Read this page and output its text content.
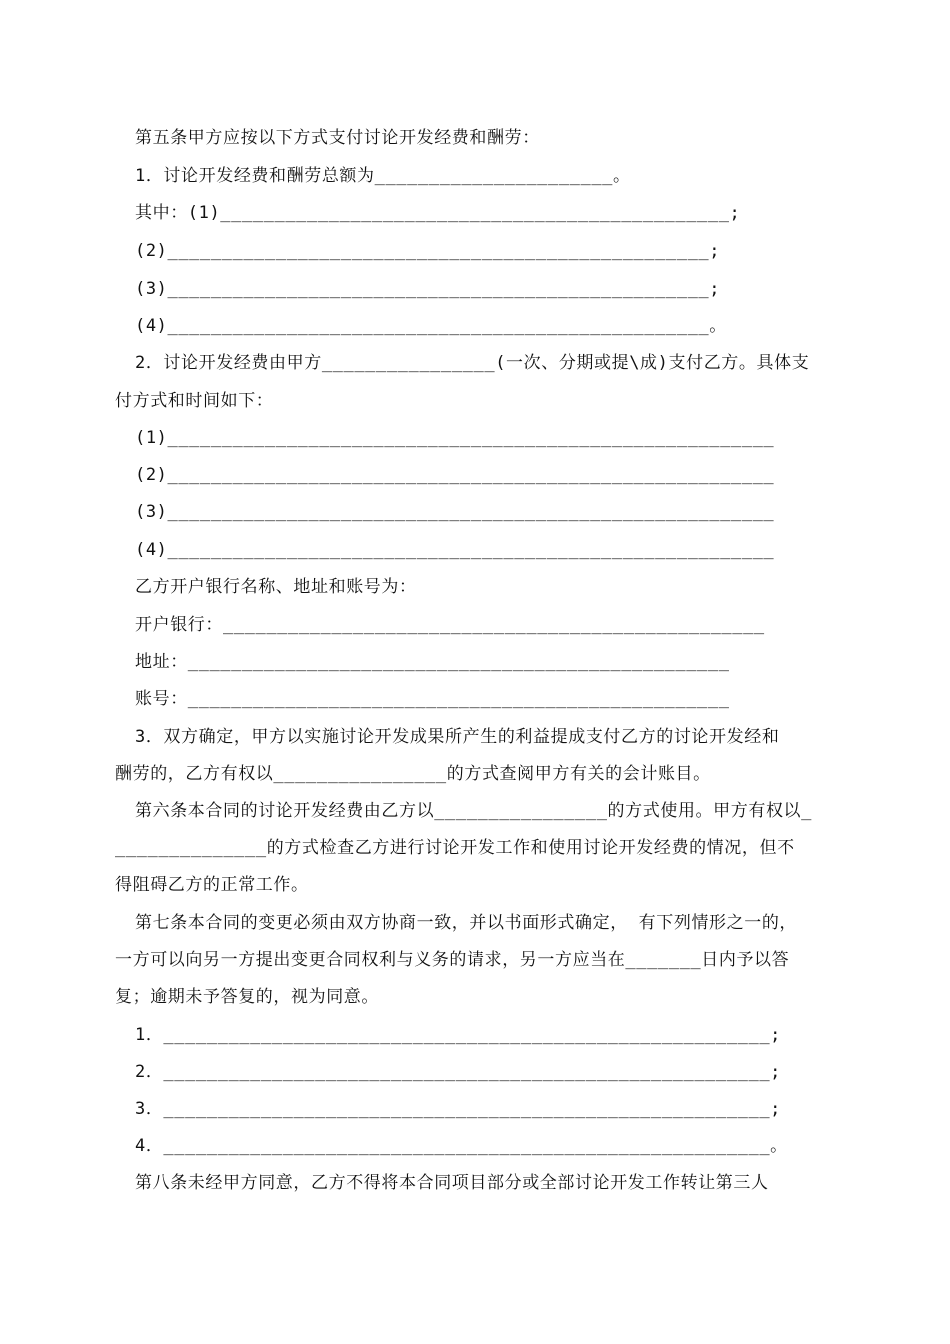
第五条甲方应按以下方式支付讨论开发经费和酬劳：
1．讨论开发经费和酬劳总额为______________________。
其中：(1)_______________________________________________;
(2)__________________________________________________;
(3)__________________________________________________;
(4)__________________________________________________。
2．讨论开发经费由甲方________________(一次、分期或提\成)支付乙方。具体支
付方式和时间如下：
(1)________________________________________________________
(2)________________________________________________________
(3)________________________________________________________
(4)________________________________________________________
乙方开户银行名称、地址和账号为：
开户银行：__________________________________________________
地址：__________________________________________________
账号：__________________________________________________
3．双方确定，甲方以实施讨论开发成果所产生的利益提成支付乙方的讨论开发经和
酬劳的，乙方有权以________________的方式查阅甲方有关的会计账目。
第六条本合同的讨论开发经费由乙方以________________的方式使用。甲方有权以_
______________的方式检查乙方进行讨论开发工作和使用讨论开发经费的情况，但不
得阻碍乙方的正常工作。
第七条本合同的变更必须由双方协商一致，并以书面形式确定， 有下列情形之一的，
一方可以向另一方提出变更合同权利与义务的请求，另一方应当在_______日内予以答
复；逾期未予答复的，视为同意。
1．________________________________________________________;
2．________________________________________________________;
3．________________________________________________________;
4．________________________________________________________。
第八条未经甲方同意，乙方不得将本合同项目部分或全部讨论开发工作转让第三人
